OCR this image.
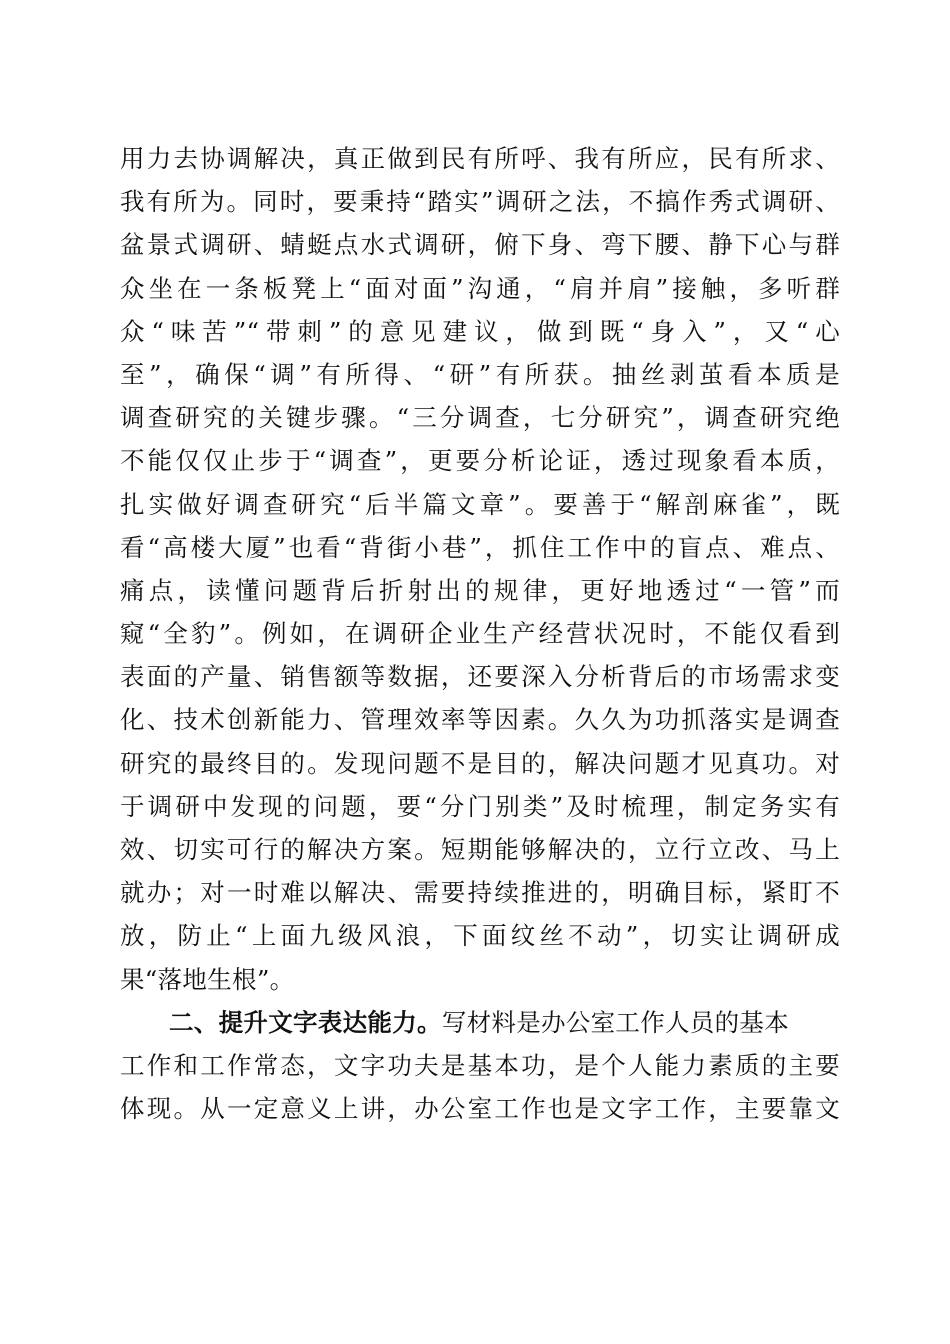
用力去协调解决，真正做到民有所呼、我有所应，民有所求、
我有所为。同时，要秉持“踏实”调研之法，不搞作秀式调研、
盆景式调研、蜻蜓点水式调研，俯下身、弯下腰、静下心与群
众坐在一条板凳上“面对面”沟通，“肩并肩”接触，多听群
众“味苦”“带刺”的意见建议，做到既“身入”，又“心
至”，确保“调”有所得、“研”有所获。抽丝剥茧看本质是
调查研究的关键步骤。“三分调查，七分研究”，调查研究绝
不能仅仅止步于“调查”，更要分析论证，透过现象看本质，
扎实做好调查研究“后半篇文章”。要善于“解剖麻雀”，既
看“高楼大厦”也看“背街小巷”，抓住工作中的盲点、难点、
痛点，读懂问题背后折射出的规律，更好地透过“一管”而
窥“全豹”。例如，在调研企业生产经营状况时，不能仅看到
表面的产量、销售额等数据，还要深入分析背后的市场需求变
化、技术创新能力、管理效率等因素。久久为功抓落实是调查
研究的最终目的。发现问题不是目的，解决问题才见真功。对
于调研中发现的问题，要“分门别类”及时梳理，制定务实有
效、切实可行的解决方案。短期能够解决的，立行立改、马上
就办；对一时难以解决、需要持续推进的，明确目标，紧盯不
放，防止“上面九级风浪，下面纹丝不动”，切实让调研成
果“落地生根”。
二、提升文字表达能力。写材料是办公室工作人员的基本
工作和工作常态，文字功夫是基本功，是个人能力素质的主要
体现。从一定意义上讲，办公室工作也是文字工作，主要靠文
